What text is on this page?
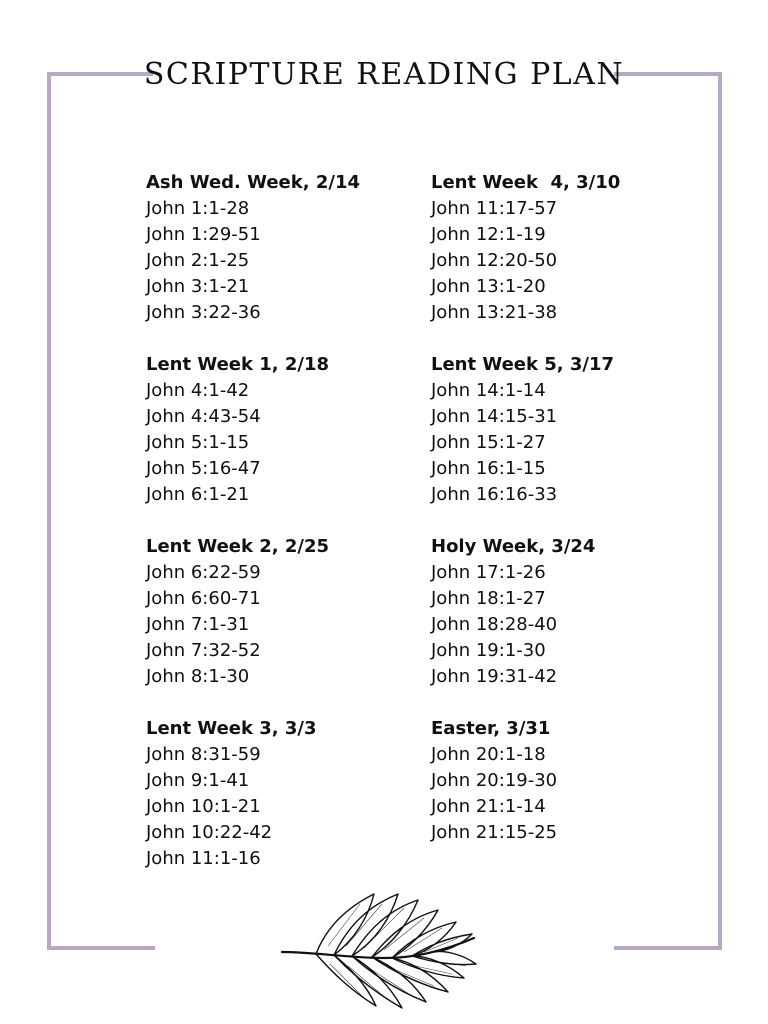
SCRIPTURE READING PLAN

Ash Wed. Week, 2/14

John 1:1-28

John 1:29-51

John 2:1-25

John 3:1-21

John 3:22-36

Lent Week 1, 2/18

John 4:1-42

John 4:43-54

John 5:1-15

John 5:16-47

John 6:1-21

Lent Week 2, 2/25

John 6:22-59

John 6:60-71

John 7:1-31

John 7:32-52

John 8:1-30

Lent Week 3, 3/3

John 8:31-59

John 9:1-41

John 10:1-21

John 10:22-42

John 11:1-16

Lent Week  4, 3/10

John 11:17-57

John 12:1-19

John 12:20-50

John 13:1-20

John 13:21-38

Lent Week 5, 3/17

John 14:1-14

John 14:15-31

John 15:1-27

John 16:1-15

John 16:16-33

Holy Week, 3/24

John 17:1-26

John 18:1-27

John 18:28-40

John 19:1-30

John 19:31-42

Easter, 3/31

John 20:1-18

John 20:19-30

John 21:1-14

John 21:15-25
